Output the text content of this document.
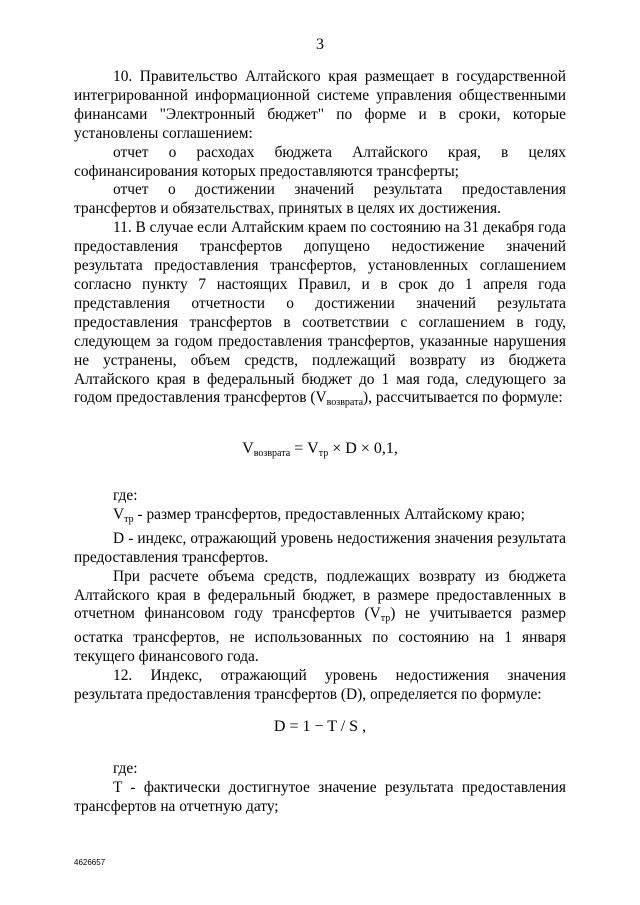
3

10. Правительство Алтайского края размещает в государственной интегрированной информационной системе управления общественными финансами "Электронный бюджет" по форме и в сроки, которые установлены соглашением:

отчет о расходах бюджета Алтайского края, в целях софинансирования которых предоставляются трансферты;

отчет о достижении значений результата предоставления трансфертов и обязательствах, принятых в целях их достижения.

11. В случае если Алтайским краем по состоянию на 31 декабря года предоставления трансфертов допущено недостижение значений результата предоставления трансфертов, установленных соглашением согласно пункту 7 настоящих Правил, и в срок до 1 апреля года представления отчетности о достижении значений результата предоставления трансфертов в соответствии с соглашением в году, следующем за годом предоставления трансфертов, указанные нарушения не устранены, объем средств, подлежащий возврату из бюджета Алтайского края в федеральный бюджет до 1 мая года, следующего за годом предоставления трансфертов $(V_{возврата})$, рассчитывается по формуле:

$V_{возврата} = V_{тр} \times D \times 0,1$,

где:

$V_{тр}$ - размер трансфертов, предоставленных Алтайскому краю;

D - индекс, отражающий уровень недостижения значения результата предоставления трансфертов.

При расчете объема средств, подлежащих возврату из бюджета Алтайского края в федеральный бюджет, в размере предоставленных в отчетном финансовом году трансфертов $(V_{тр})$ не учитывается размер остатка трансфертов, не использованных по состоянию на 1 января текущего финансового года.

12. Индекс, отражающий уровень недостижения значения результата предоставления трансфертов (D), определяется по формуле:

D = 1 − T / S ,

где:

T - фактически достигнутое значение результата предоставления трансфертов на отчетную дату;

4626657
